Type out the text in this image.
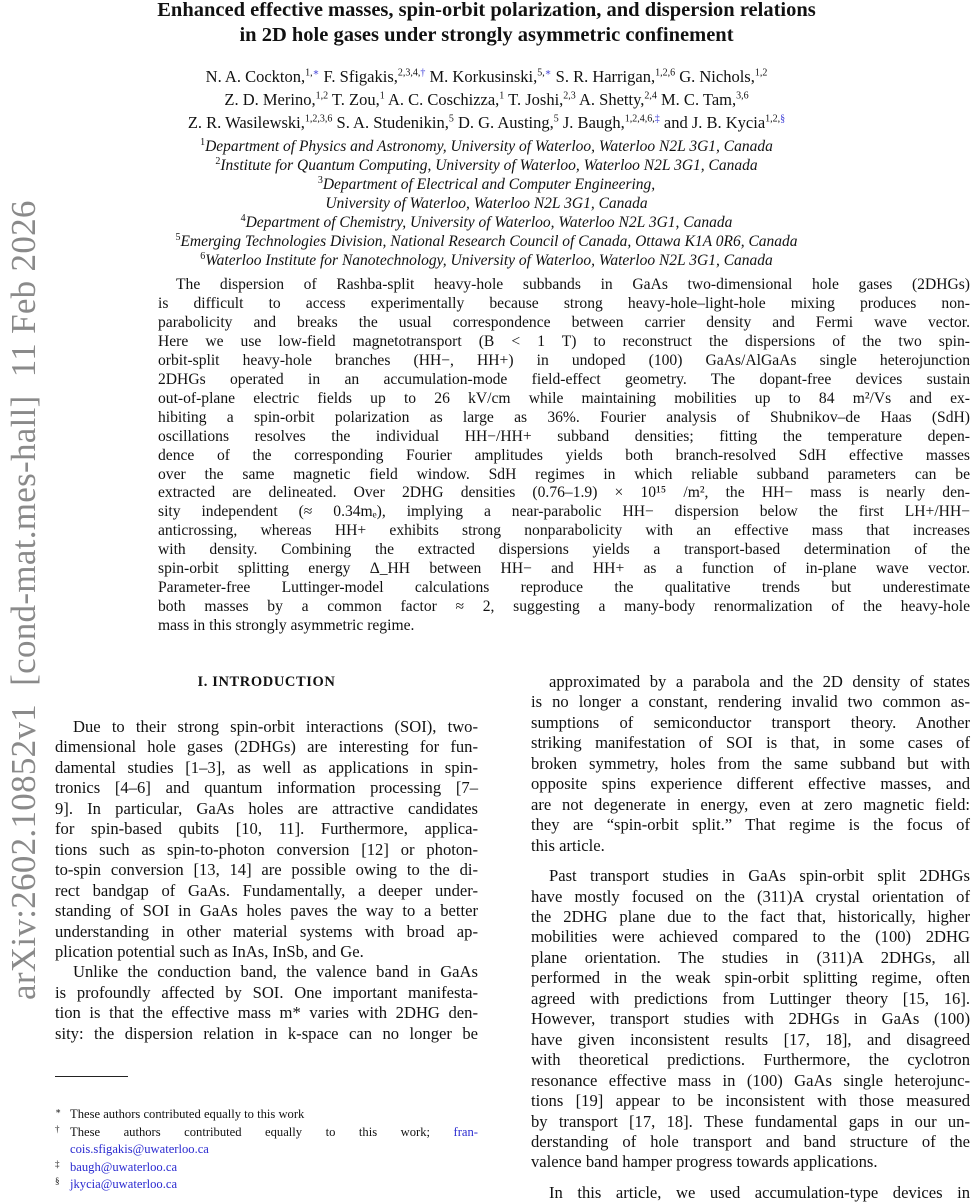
arXiv:2602.10852v1  [cond-mat.mes-hall]  11 Feb 2026
Enhanced effective masses, spin-orbit polarization, and dispersion relations
in 2D hole gases under strongly asymmetric confinement
N. A. Cockton,$^{1,∗}$ F. Sfigakis,$^{2,3,4,\dagger}$ M. Korkusinski,$^{5,∗}$ S. R. Harrigan,$^{1,2,6}$ G. Nichols,$^{1,2}$
Z. D. Merino,$^{1,2}$ T. Zou,$^1$ A. C. Coschizza,$^1$ T. Joshi,$^{2,3}$ A. Shetty,$^{2,4}$ M. C. Tam,$^{3,6}$
Z. R. Wasilewski,$^{1,2,3,6}$ S. A. Studenikin,$^5$ D. G. Austing,$^5$ J. Baugh,$^{1,2,4,6,\ddagger}$ and J. B. Kycia$^{1,2,\S}$
$^1$Department of Physics and Astronomy, University of Waterloo, Waterloo N2L 3G1, Canada
$^2$Institute for Quantum Computing, University of Waterloo, Waterloo N2L 3G1, Canada
$^3$Department of Electrical and Computer Engineering,
University of Waterloo, Waterloo N2L 3G1, Canada
$^4$Department of Chemistry, University of Waterloo, Waterloo N2L 3G1, Canada
$^5$Emerging Technologies Division, National Research Council of Canada, Ottawa K1A 0R6, Canada
$^6$Waterloo Institute for Nanotechnology, University of Waterloo, Waterloo N2L 3G1, Canada
The dispersion of Rashba-split heavy-hole subbands in GaAs two-dimensional hole gases (2DHGs)
is difficult to access experimentally because strong heavy-hole–light-hole mixing produces non-
parabolicity and breaks the usual correspondence between carrier density and Fermi wave vector.
Here we use low-field magnetotransport (B < 1 T) to reconstruct the dispersions of the two spin-
orbit-split heavy-hole branches (HH−, HH+) in undoped (100) GaAs/AlGaAs single heterojunction
2DHGs operated in an accumulation-mode field-effect geometry. The dopant-free devices sustain
out-of-plane electric fields up to 26 kV/cm while maintaining mobilities up to 84 m²/Vs and ex-
hibiting a spin-orbit polarization as large as 36%. Fourier analysis of Shubnikov–de Haas (SdH)
oscillations resolves the individual HH−/HH+ subband densities; fitting the temperature depen-
dence of the corresponding Fourier amplitudes yields both branch-resolved SdH effective masses
over the same magnetic field window. SdH regimes in which reliable subband parameters can be
extracted are delineated. Over 2DHG densities (0.76–1.9) × 10¹⁵ /m², the HH− mass is nearly den-
sity independent (≈ 0.34mₑ), implying a near-parabolic HH− dispersion below the first LH+/HH−
anticrossing, whereas HH+ exhibits strong nonparabolicity with an effective mass that increases
with density. Combining the extracted dispersions yields a transport-based determination of the
spin-orbit splitting energy Δ_HH between HH− and HH+ as a function of in-plane wave vector.
Parameter-free Luttinger-model calculations reproduce the qualitative trends but underestimate
both masses by a common factor ≈ 2, suggesting a many-body renormalization of the heavy-hole
mass in this strongly asymmetric regime.
I. INTRODUCTION
Due to their strong spin-orbit interactions (SOI), two-
dimensional hole gases (2DHGs) are interesting for fun-
damental studies [1–3], as well as applications in spin-
tronics [4–6] and quantum information processing [7–
9]. In particular, GaAs holes are attractive candidates
for spin-based qubits [10, 11]. Furthermore, applica-
tions such as spin-to-photon conversion [12] or photon-
to-spin conversion [13, 14] are possible owing to the di-
rect bandgap of GaAs. Fundamentally, a deeper under-
standing of SOI in GaAs holes paves the way to a better
understanding in other material systems with broad ap-
plication potential such as InAs, InSb, and Ge.
Unlike the conduction band, the valence band in GaAs
is profoundly affected by SOI. One important manifesta-
tion is that the effective mass m* varies with 2DHG den-
sity: the dispersion relation in k-space can no longer be
approximated by a parabola and the 2D density of states
is no longer a constant, rendering invalid two common as-
sumptions of semiconductor transport theory. Another
striking manifestation of SOI is that, in some cases of
broken symmetry, holes from the same subband but with
opposite spins experience different effective masses, and
are not degenerate in energy, even at zero magnetic field:
they are “spin-orbit split.” That regime is the focus of
this article.
Past transport studies in GaAs spin-orbit split 2DHGs
have mostly focused on the (311)A crystal orientation of
the 2DHG plane due to the fact that, historically, higher
mobilities were achieved compared to the (100) 2DHG
plane orientation. The studies in (311)A 2DHGs, all
performed in the weak spin-orbit splitting regime, often
agreed with predictions from Luttinger theory [15, 16].
However, transport studies with 2DHGs in GaAs (100)
have given inconsistent results [17, 18], and disagreed
with theoretical predictions. Furthermore, the cyclotron
resonance effective mass in (100) GaAs single heterojunc-
tions [19] appear to be inconsistent with those measured
by transport [17, 18]. These fundamental gaps in our un-
derstanding of hole transport and band structure of the
valence band hamper progress towards applications.
In this article, we used accumulation-type devices in
∗ These authors contributed equally to this work
† These authors contributed equally to this work; fran-
cois.sfigakis@uwaterloo.ca
‡ baugh@uwaterloo.ca
§ jkycia@uwaterloo.ca
